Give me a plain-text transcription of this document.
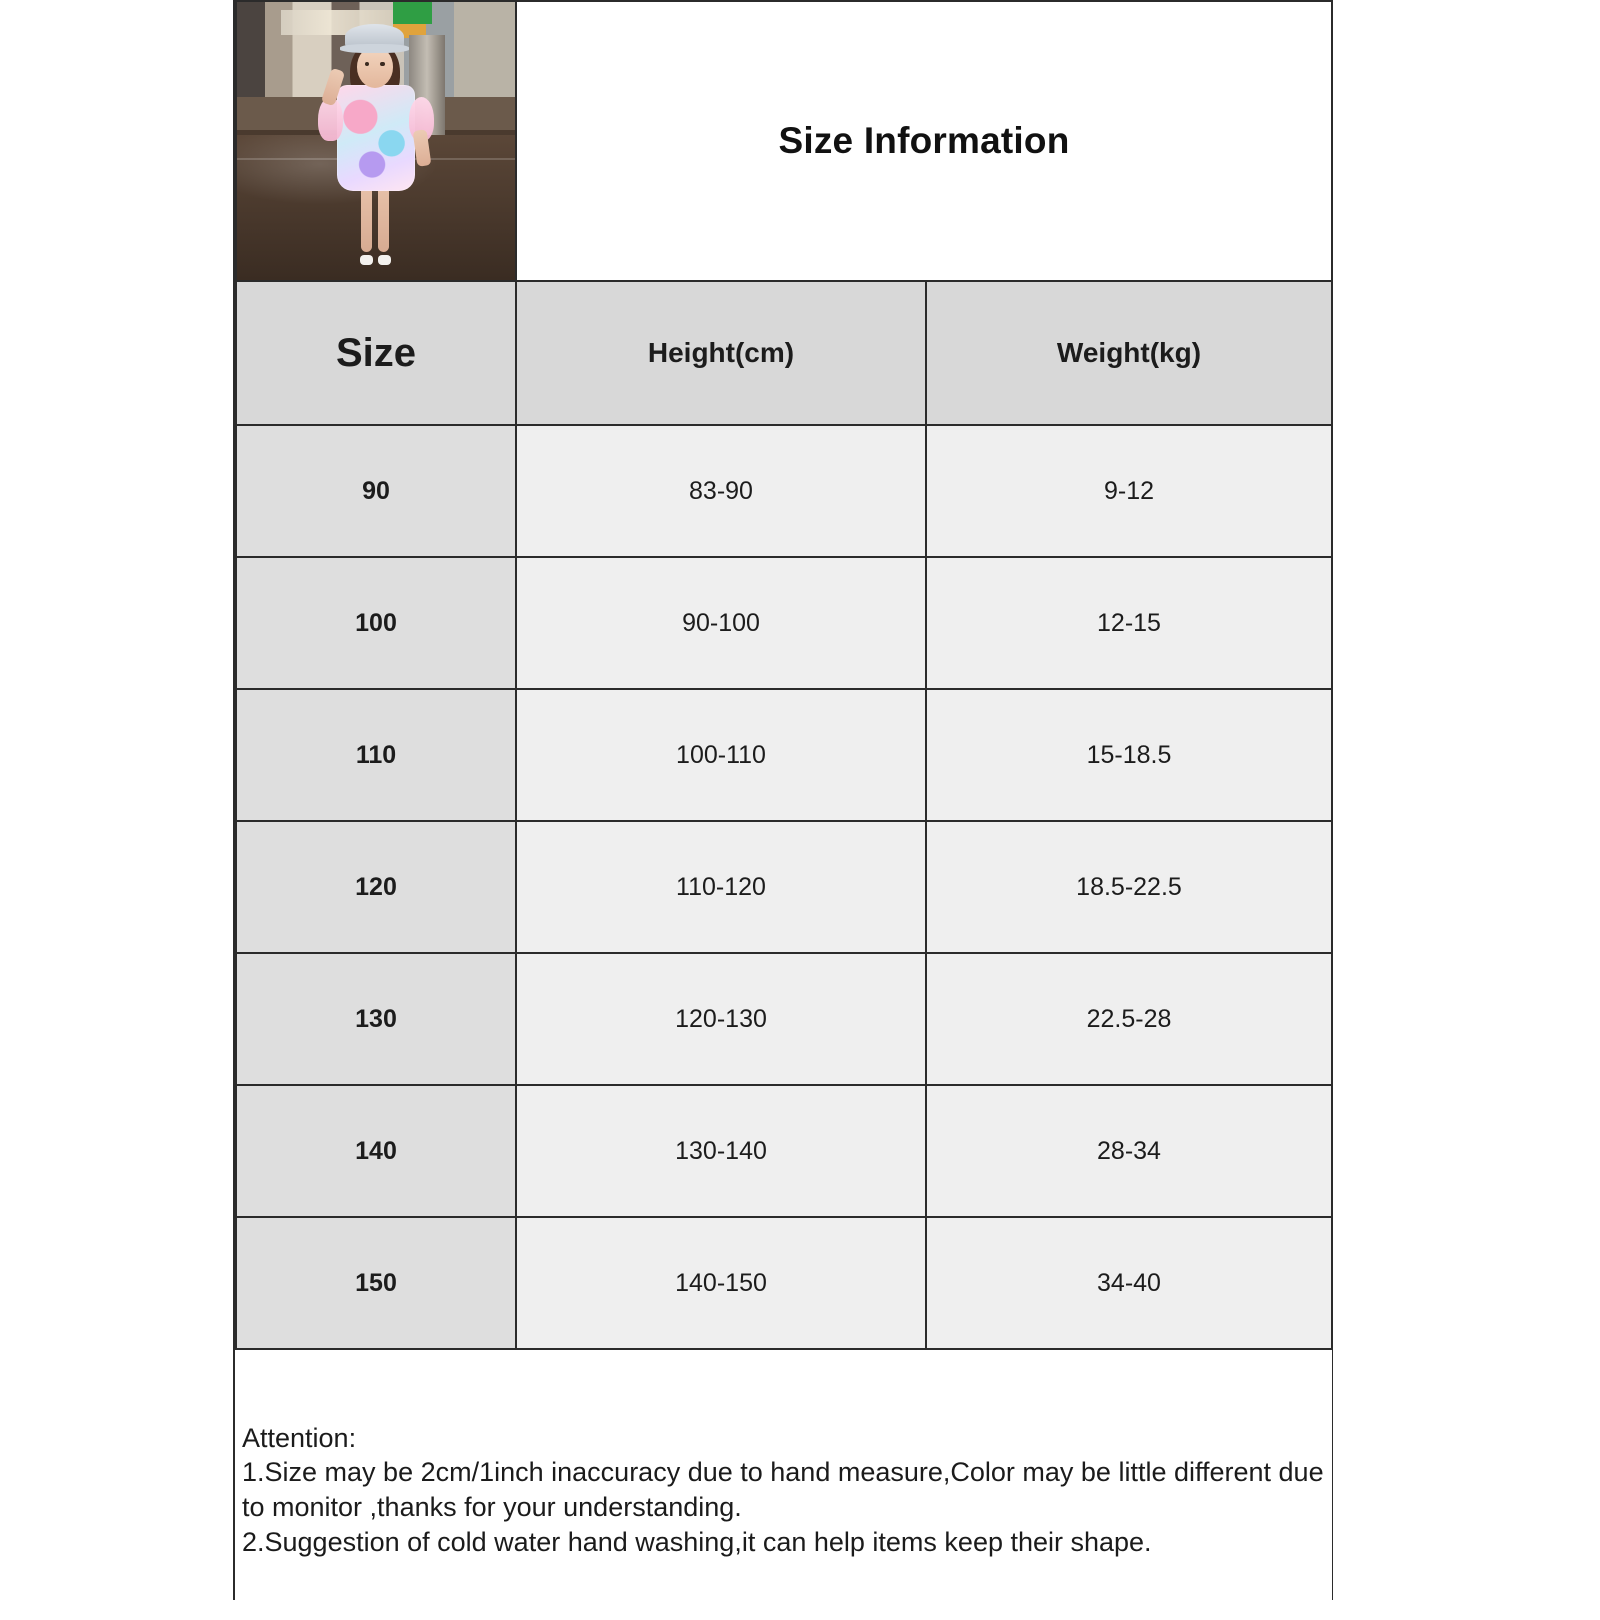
	Size Information	
Size	Height(cm)	Weight(kg)
90	83-90	9-12
100	90-100	12-15
110	100-110	15-18.5
120	110-120	18.5-22.5
130	120-130	22.5-28
140	130-140	28-34
150	140-150	34-40

Attention:
1.Size may be 2cm/1inch inaccuracy due to hand measure,Color may be little different due to monitor ,thanks for your understanding.
2.Suggestion of cold water hand washing,it can help items keep their shape.		
